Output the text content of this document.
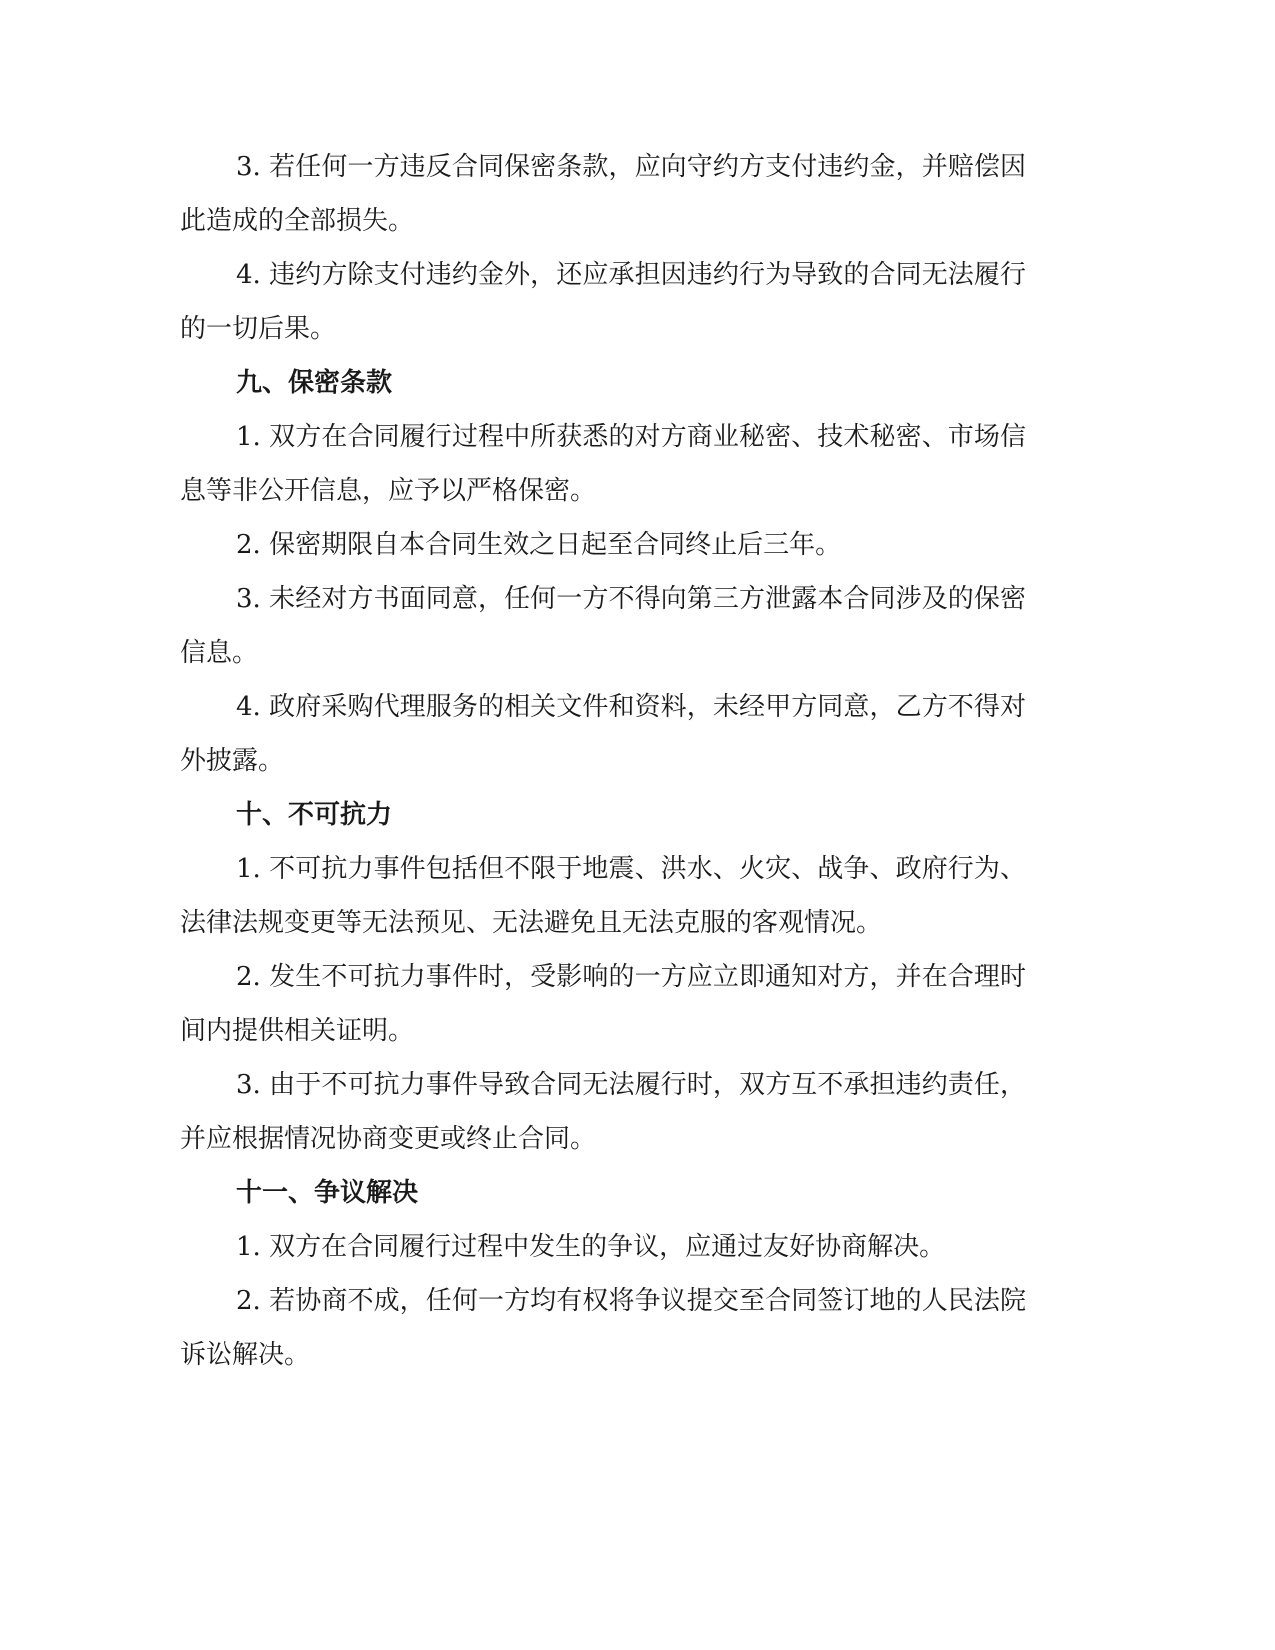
3. 若任何一方违反合同保密条款，应向守约方支付违约金，并赔偿因此造成的全部损失。

4. 违约方除支付违约金外，还应承担因违约行为导致的合同无法履行的一切后果。

九、保密条款

1. 双方在合同履行过程中所获悉的对方商业秘密、技术秘密、市场信息等非公开信息，应予以严格保密。

2. 保密期限自本合同生效之日起至合同终止后三年。

3. 未经对方书面同意，任何一方不得向第三方泄露本合同涉及的保密信息。

4. 政府采购代理服务的相关文件和资料，未经甲方同意，乙方不得对外披露。

十、不可抗力

1. 不可抗力事件包括但不限于地震、洪水、火灾、战争、政府行为、法律法规变更等无法预见、无法避免且无法克服的客观情况。

2. 发生不可抗力事件时，受影响的一方应立即通知对方，并在合理时间内提供相关证明。

3. 由于不可抗力事件导致合同无法履行时，双方互不承担违约责任，并应根据情况协商变更或终止合同。

十一、争议解决

1. 双方在合同履行过程中发生的争议，应通过友好协商解决。

2. 若协商不成，任何一方均有权将争议提交至合同签订地的人民法院诉讼解决。
